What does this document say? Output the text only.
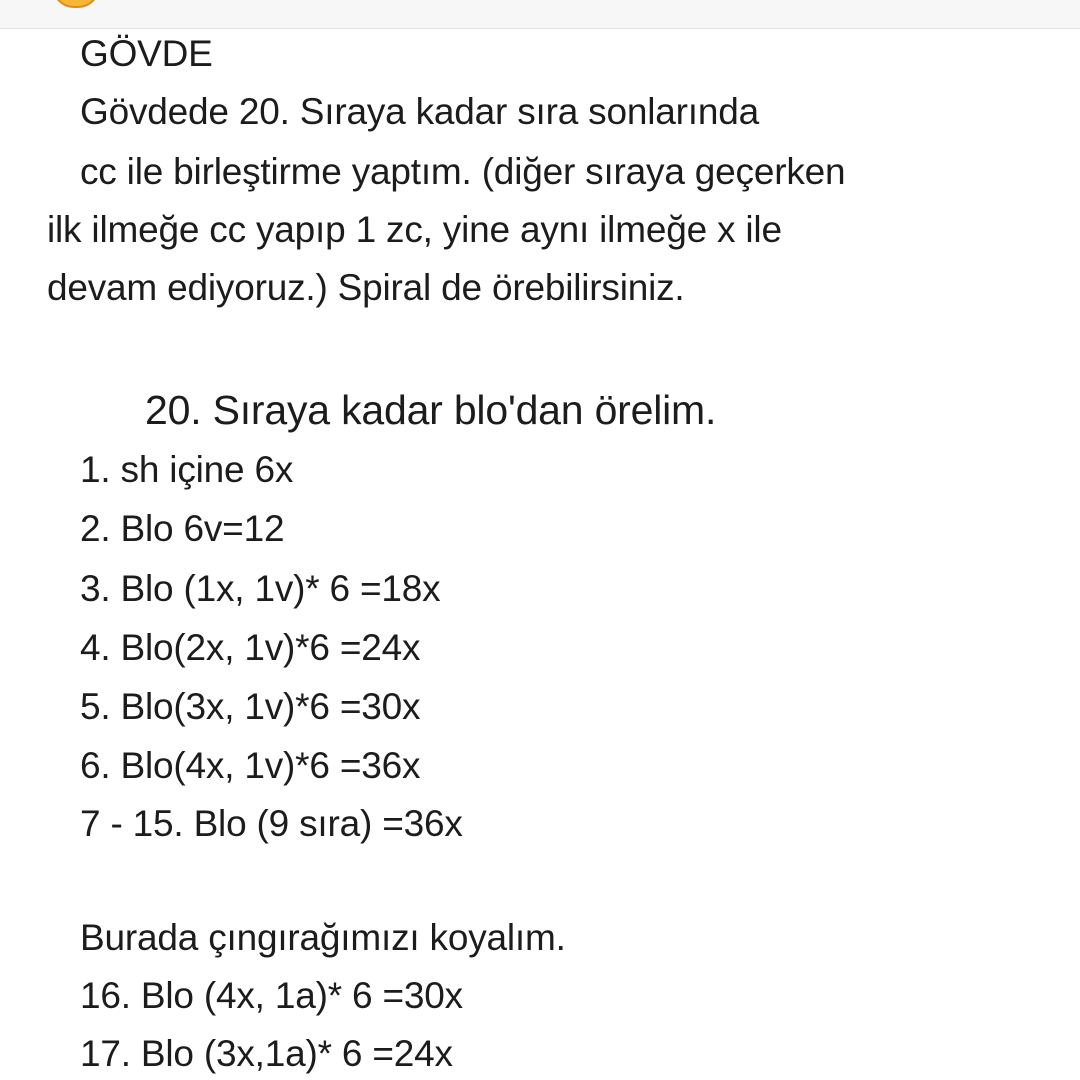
GÖVDE
Gövdede 20. Sıraya kadar sıra sonlarında
cc ile birleştirme yaptım. (diğer sıraya geçerken
ilk ilmeğe cc yapıp 1 zc, yine aynı ilmeğe x ile
devam ediyoruz.) Spiral de örebilirsiniz.
20. Sıraya kadar blo'dan örelim.
1. sh içine 6x
2. Blo 6v=12
3. Blo (1x, 1v)* 6 =18x
4. Blo(2x, 1v)*6 =24x
5. Blo(3x, 1v)*6 =30x
6. Blo(4x, 1v)*6 =36x
7 - 15. Blo (9 sıra) =36x
Burada çıngırağımızı koyalım.
16. Blo (4x, 1a)* 6 =30x
17. Blo (3x,1a)* 6 =24x
